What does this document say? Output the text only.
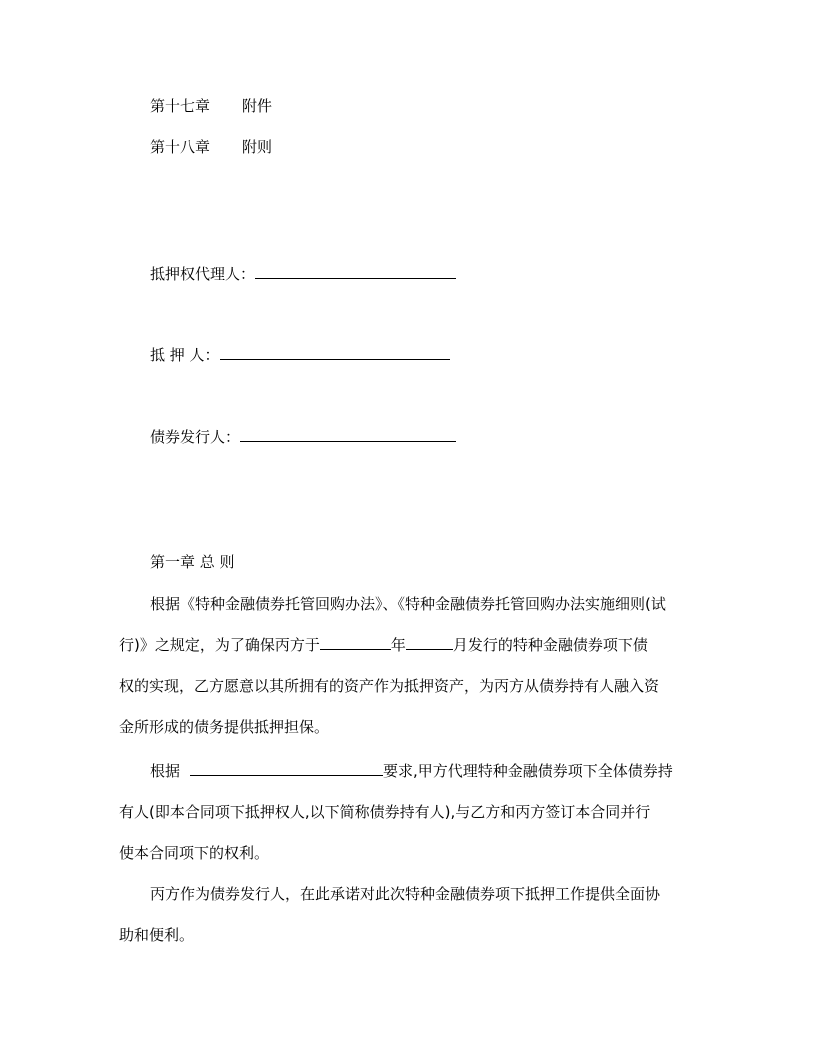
第十七章 附件
第十八章 附则
抵押权代理人：
抵 押 人：
债券发行人：
第一章 总 则
根据《特种金融债券托管回购办法》、《特种金融债券托管回购办法实施细则(试
行)》之规定，为了确保丙方于	年	月发行的特种金融债券项下债
权的实现，乙方愿意以其所拥有的资产作为抵押资产，为丙方从债券持有人融入资
金所形成的债务提供抵押担保。
根据	要求,甲方代理特种金融债券项下全体债券持
有人(即本合同项下抵押权人,以下简称债券持有人),与乙方和丙方签订本合同并行
使本合同项下的权利。
丙方作为债券发行人，在此承诺对此次特种金融债券项下抵押工作提供全面协
助和便利。
